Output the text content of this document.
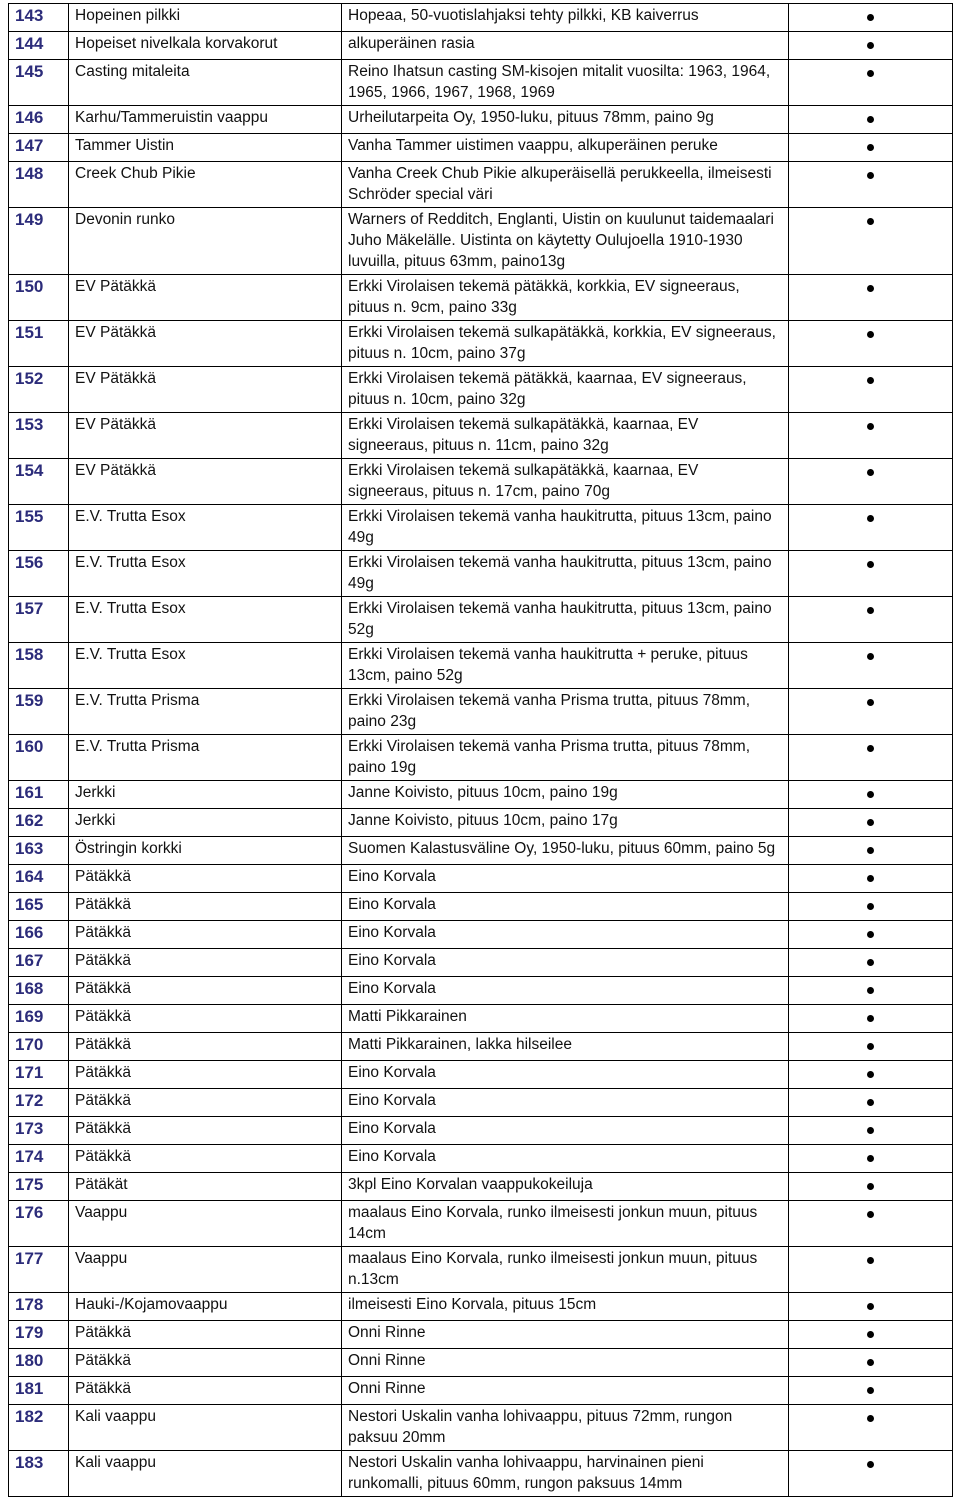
143	Hopeinen pilkki	Hopeaa, 50-vuotislahjaksi tehty pilkki, KB kaiverrus	
144	Hopeiset nivelkala korvakorut	alkuperäinen rasia	
145	Casting mitaleita	Reino Ihatsun casting SM-kisojen mitalit vuosilta: 1963, 1964, 1965, 1966, 1967, 1968, 1969	
146	Karhu/Tammeruistin vaappu	Urheilutarpeita Oy, 1950-luku, pituus 78mm, paino 9g	
147	Tammer Uistin	Vanha Tammer uistimen vaappu, alkuperäinen peruke	
148	Creek Chub Pikie	Vanha Creek Chub Pikie alkuperäisellä perukkeella, ilmeisesti Schröder special väri	
149	Devonin runko	Warners of Redditch, Englanti, Uistin on kuulunut taidemaalari Juho Mäkelälle. Uistinta on käytetty Oulujoella 1910-1930 luvuilla, pituus 63mm, paino13g	
150	EV Pätäkkä	Erkki Virolaisen tekemä pätäkkä, korkkia, EV signeeraus, pituus n. 9cm, paino 33g	
151	EV Pätäkkä	Erkki Virolaisen tekemä sulkapätäkkä, korkkia, EV signeeraus, pituus n. 10cm, paino 37g	
152	EV Pätäkkä	Erkki Virolaisen tekemä pätäkkä, kaarnaa, EV signeeraus, pituus n. 10cm, paino 32g	
153	EV Pätäkkä	Erkki Virolaisen tekemä sulkapätäkkä, kaarnaa, EV signeeraus, pituus n. 11cm, paino 32g	
154	EV Pätäkkä	Erkki Virolaisen tekemä sulkapätäkkä, kaarnaa, EV signeeraus, pituus n. 17cm, paino 70g	
155	E.V. Trutta Esox	Erkki Virolaisen tekemä vanha haukitrutta, pituus 13cm, paino 49g	
156	E.V. Trutta Esox	Erkki Virolaisen tekemä vanha haukitrutta, pituus 13cm, paino 49g	
157	E.V. Trutta Esox	Erkki Virolaisen tekemä vanha haukitrutta, pituus 13cm, paino 52g	
158	E.V. Trutta Esox	Erkki Virolaisen tekemä vanha haukitrutta + peruke, pituus 13cm, paino 52g	
159	E.V. Trutta Prisma	Erkki Virolaisen tekemä vanha Prisma trutta, pituus 78mm, paino 23g	
160	E.V. Trutta Prisma	Erkki Virolaisen tekemä vanha Prisma trutta, pituus 78mm, paino 19g	
161	Jerkki	Janne Koivisto, pituus 10cm, paino 19g	
162	Jerkki	Janne Koivisto, pituus 10cm, paino 17g	
163	Östringin korkki	Suomen Kalastusväline Oy, 1950-luku, pituus 60mm, paino 5g	
164	Pätäkkä	Eino Korvala	
165	Pätäkkä	Eino Korvala	
166	Pätäkkä	Eino Korvala	
167	Pätäkkä	Eino Korvala	
168	Pätäkkä	Eino Korvala	
169	Pätäkkä	Matti Pikkarainen	
170	Pätäkkä	Matti Pikkarainen, lakka hilseilee	
171	Pätäkkä	Eino Korvala	
172	Pätäkkä	Eino Korvala	
173	Pätäkkä	Eino Korvala	
174	Pätäkkä	Eino Korvala	
175	Pätäkät	3kpl Eino Korvalan vaappukokeiluja	
176	Vaappu	maalaus Eino Korvala, runko ilmeisesti jonkun muun, pituus 14cm	
177	Vaappu	maalaus Eino Korvala, runko ilmeisesti jonkun muun, pituus n.13cm	
178	Hauki-/Kojamovaappu	ilmeisesti Eino Korvala, pituus 15cm	
179	Pätäkkä	Onni Rinne	
180	Pätäkkä	Onni Rinne	
181	Pätäkkä	Onni Rinne	
182	Kali vaappu	Nestori Uskalin vanha lohivaappu, pituus 72mm, rungon paksuu 20mm	
183	Kali vaappu	Nestori Uskalin vanha lohivaappu, harvinainen pieni runkomalli, pituus 60mm, rungon paksuus 14mm	
